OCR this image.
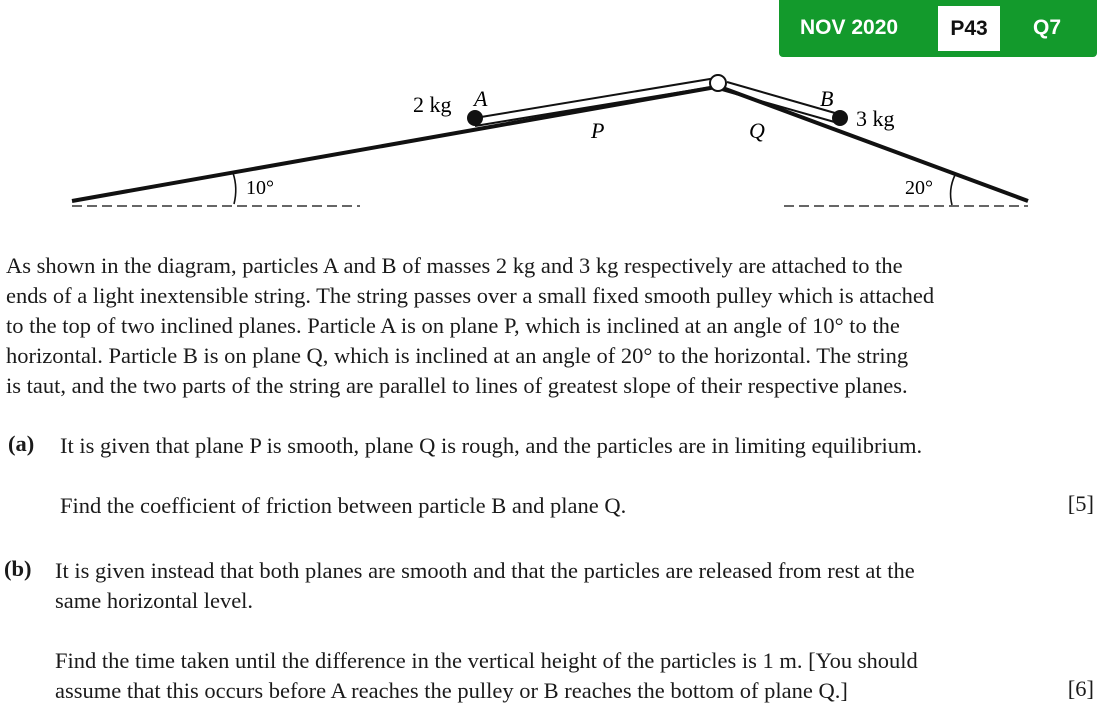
NOV 2020	P43	Q7
2 kg A	B
3 kg
P	Q
10°	20°
As shown in the diagram, particles A and B of masses 2 kg and 3 kg respectively are attached to the
ends of a light inextensible string. The string passes over a small fixed smooth pulley which is attached
to the top of two inclined planes. Particle A is on plane P, which is inclined at an angle of 10° to the
horizontal. Particle B is on plane Q, which is inclined at an angle of 20° to the horizontal. The string
is taut, and the two parts of the string are parallel to lines of greatest slope of their respective planes.
(a) It is given that plane P is smooth, plane Q is rough, and the particles are in limiting equilibrium.
Find the coefficient of friction between particle B and plane Q.	[5]
(b) It is given instead that both planes are smooth and that the particles are released from rest at the
same horizontal level.
Find the time taken until the difference in the vertical height of the particles is 1 m. [You should
assume that this occurs before A reaches the pulley or B reaches the bottom of plane Q.]	[6]
